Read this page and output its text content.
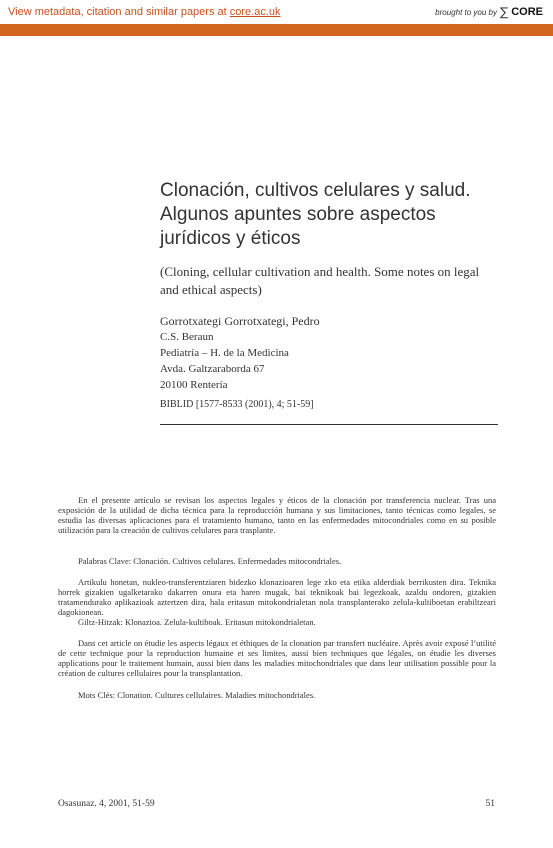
View metadata, citation and similar papers at core.ac.uk	brought to you by ∑ CORE
provided by Hedatuz
Clonación, cultivos celulares y salud. Algunos apuntes sobre aspectos jurídicos y éticos
(Cloning, cellular cultivation and health. Some notes on legal and ethical aspects)
Gorrotxategi Gorrotxategi, Pedro
C.S. Beraun
Pediatría – H. de la Medicina
Avda. Galtzaraborda 67
20100 Rentería
BIBLID [1577-8533 (2001), 4; 51-59]

En el presente artículo se revisan los aspectos legales y éticos de la clonación por transferencia nuclear. Tras una exposición de la utilidad de dicha técnica para la reproducción humana y sus limitaciones, tanto técnicas como legales, se estudia las diversas aplicaciones para el tratamiento humano, tanto en las enfermedades mitocondriales como en su posible utilización para la creación de cultivos celulares para trasplante.

Palabras Clave: Clonación. Cultivos celulares. Enfermedades mitocondriales.

Artikulu honetan, nukleo-transferentziaren bidezko klonazioaren lege zko eta etika alderdiak berrikusten dira. Teknika horrek gizakien ugalketarako dakarren onura eta haren mugak, bai teknikoak bai legezkoak, azaldu ondoren, gizakien tratamendurako aplikazioak aztertzen dira, hala eritasun mitokondrialetan nola transplanterako zelula-kultiboetan erabiltzeari dagokionean.

Giltz-Hitzak: Klonazioa. Zelula-kultiboak. Eritasun mitokondrialetan.

Dans cet article on étudie les aspects légaux et éthiques de la clonation par transfert nucléaire. Après avoir exposé l’utilité de cette technique pour la reproduction humaine et ses limites, aussi bien techniques que légales, on étudie les diverses applications pour le traitement humain, aussi bien dans les maladies mitochondriales que dans leur utilisation possible pour la création de cultures cellulaires pour la transplantation.

Mots Clés: Clonation. Cultures cellulaires. Maladies mitochondriales.
Osasunaz. 4, 2001, 51-59	51
